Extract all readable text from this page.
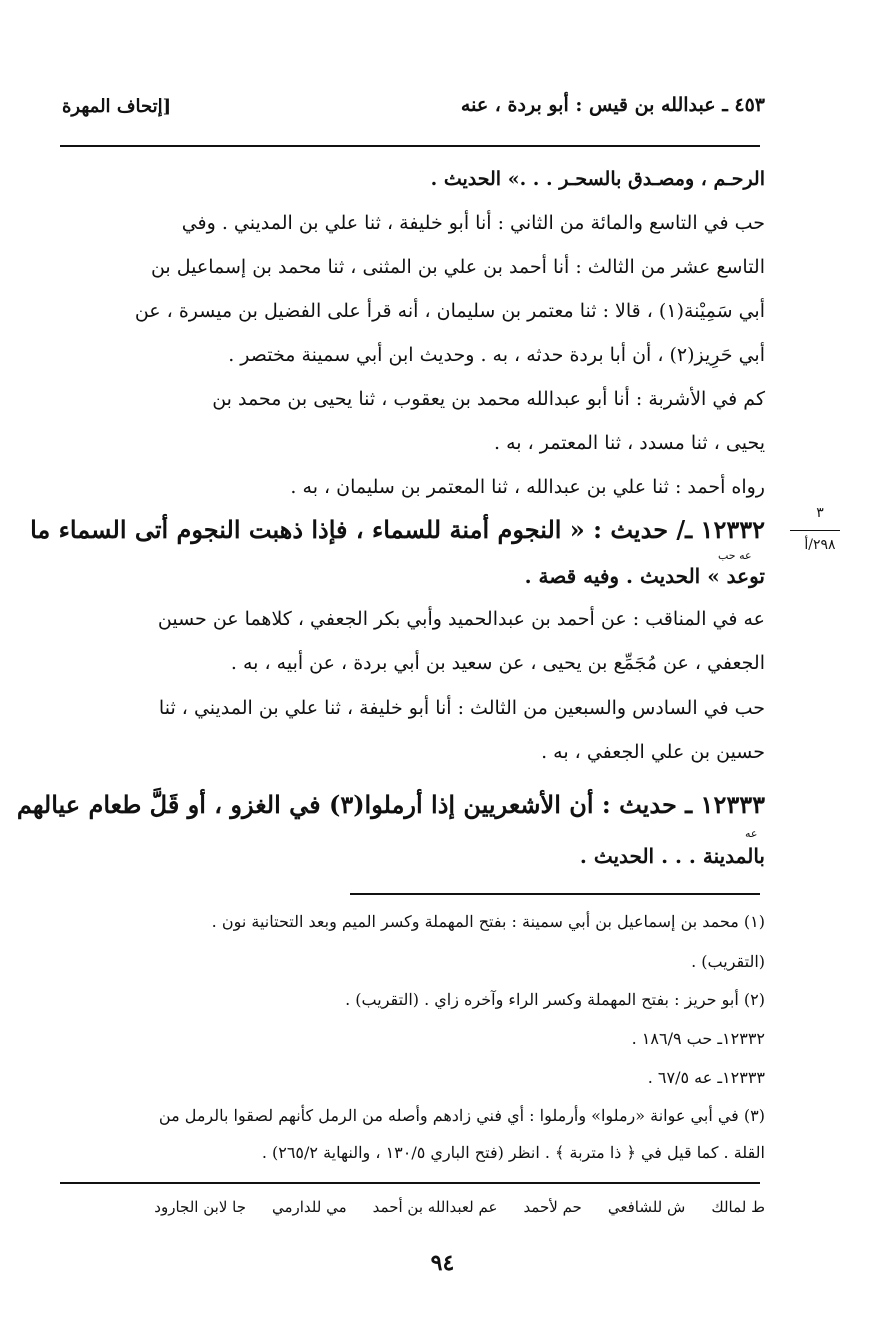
٤٥٣ ـ عبدالله بن قيس : أبو بردة ، عنه
[إتحاف المهرة
الرحـم ، ومصـدق بالسحـر . . .» الحديث .
حب في التاسع والمائة من الثاني : أنا أبو خليفة ، ثنا علي بن المديني . وفي
التاسع عشر من الثالث : أنا أحمد بن علي بن المثنى ، ثنا محمد بن إسماعيل بن
أبي سَمِيْنة(١) ، قالا : ثنا معتمر بن سليمان ، أنه قرأ على الفضيل بن ميسرة ، عن
أبي حَرِيز(٢) ، أن أبا بردة حدثه ، به . وحديث ابن أبي سمينة مختصر .
كم في الأشربة : أنا أبو عبدالله محمد بن يعقوب ، ثنا يحيى بن محمد بن
يحيى ، ثنا مسدد ، ثنا المعتمر ، به .
رواه أحمد : ثنا علي بن عبدالله ، ثنا المعتمر بن سليمان ، به .
٣
٢٩٨/أ
١٢٣٣٢ ـ/ حديث : « النجوم أمنة للسماء ، فإذا ذهبت النجوم أتى السماء ما
عه حب
توعد » الحديث . وفيه قصة .
عه في المناقب : عن أحمد بن عبدالحميد وأبي بكر الجعفي ، كلاهما عن حسين
الجعفي ، عن مُجَمِّع بن يحيى ، عن سعيد بن أبي بردة ، عن أبيه ، به .
حب في السادس والسبعين من الثالث : أنا أبو خليفة ، ثنا علي بن المديني ، ثنا
حسين بن علي الجعفي ، به .
١٢٣٣٣ ـ حديث : أن الأشعريين إذا أرملوا(٣) في الغزو ، أو قَلَّ طعام عيالهم
عه
بالمدينة . . . الحديث .
(١) محمد بن إسماعيل بن أبي سمينة : بفتح المهملة وكسر الميم وبعد التحتانية نون .
(التقريب) .
(٢) أبو حريز : بفتح المهملة وكسر الراء وآخره زاي . (التقريب) .
١٢٣٣٢ـ حب ١٨٦/٩ .
١٢٣٣٣ـ عه ٦٧/٥ .
(٣) في أبي عوانة «رملوا» وأرملوا : أي فني زادهم وأصله من الرمل كأنهم لصقوا بالرمل من
القلة . كما قيل في ﴿ ذا متربة ﴾ . انظر (فتح الباري ١٣٠/٥ ، والنهاية ٢٦٥/٢) .
ط لمالك
ش للشافعي
حم لأحمد
عم لعبدالله بن أحمد
مي للدارمي
جا لابن الجارود
٩٤
